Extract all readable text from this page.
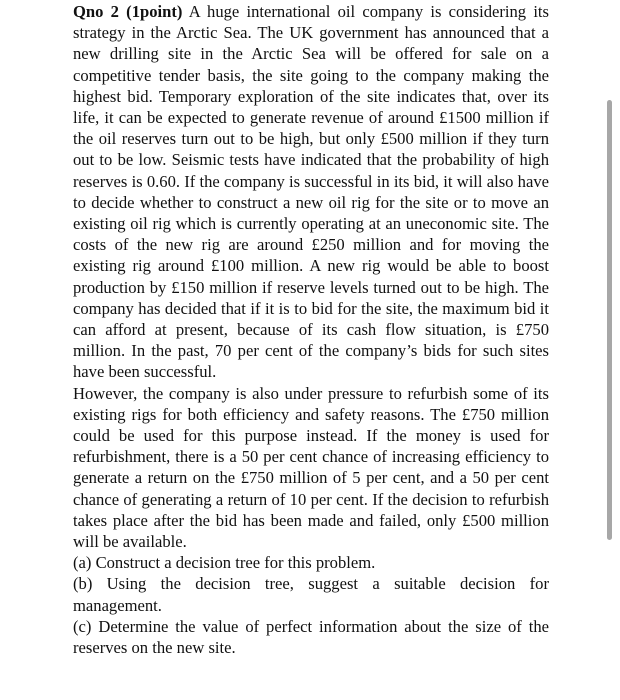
Qno 2 (1point) A huge international oil company is considering its strategy in the Arctic Sea. The UK government has announced that a new drilling site in the Arctic Sea will be offered for sale on a competitive tender basis, the site going to the company making the highest bid. Temporary exploration of the site indicates that, over its life, it can be expected to generate revenue of around £1500 million if the oil reserves turn out to be high, but only £500 million if they turn out to be low. Seismic tests have indicated that the probability of high reserves is 0.60. If the company is successful in its bid, it will also have to decide whether to construct a new oil rig for the site or to move an existing oil rig which is currently operating at an uneconomic site. The costs of the new rig are around £250 million and for moving the existing rig around £100 million. A new rig would be able to boost production by £150 million if reserve levels turned out to be high. The company has decided that if it is to bid for the site, the maximum bid it can afford at present, because of its cash flow situation, is £750 million. In the past, 70 per cent of the company’s bids for such sites have been successful.

However, the company is also under pressure to refurbish some of its existing rigs for both efficiency and safety reasons. The £750 million could be used for this purpose instead. If the money is used for refurbishment, there is a 50 per cent chance of increasing efficiency to generate a return on the £750 million of 5 per cent, and a 50 per cent chance of generating a return of 10 per cent. If the decision to refurbish takes place after the bid has been made and failed, only £500 million will be available.

(a) Construct a decision tree for this problem.

(b) Using the decision tree, suggest a suitable decision for management.

(c) Determine the value of perfect information about the size of the reserves on the new site.
